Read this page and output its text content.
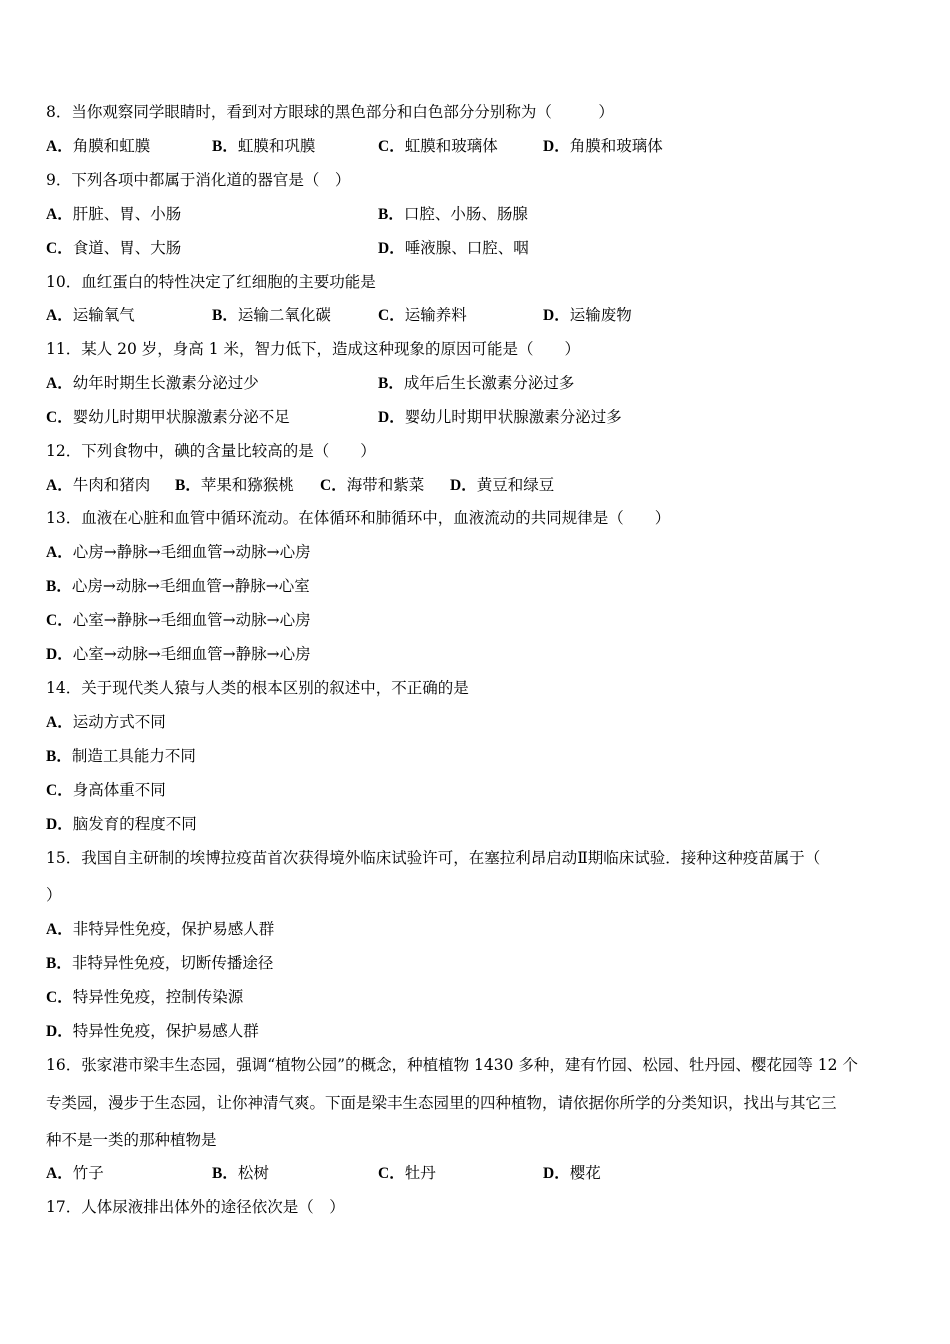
8．当你观察同学眼睛时，看到对方眼球的黑色部分和白色部分分别称为（　　　）
A．角膜和虹膜	B．虹膜和巩膜	C．虹膜和玻璃体	D．角膜和玻璃体
9．下列各项中都属于消化道的器官是（　）
A．肝脏、胃、小肠	B．口腔、小肠、肠腺
C．食道、胃、大肠	D．唾液腺、口腔、咽
10．血红蛋白的特性决定了红细胞的主要功能是
A．运输氧气	B．运输二氧化碳	C．运输养料	D．运输废物
11．某人 20 岁，身高 1 米，智力低下，造成这种现象的原因可能是（　　）
A．幼年时期生长激素分泌过少	B．成年后生长激素分泌过多
C．婴幼儿时期甲状腺激素分泌不足	D．婴幼儿时期甲状腺激素分泌过多
12．下列食物中，碘的含量比较高的是（　　）
A．牛肉和猪肉 B．苹果和猕猴桃 C．海带和紫菜 D．黄豆和绿豆
13．血液在心脏和血管中循环流动。在体循环和肺循环中，血液流动的共同规律是（　　）
A．心房→静脉→毛细血管→动脉→心房
B．心房→动脉→毛细血管→静脉→心室
C．心室→静脉→毛细血管→动脉→心房
D．心室→动脉→毛细血管→静脉→心房
14．关于现代类人猿与人类的根本区别的叙述中，不正确的是
A．运动方式不同
B．制造工具能力不同
C．身高体重不同
D．脑发育的程度不同
15．我国自主研制的埃博拉疫苗首次获得境外临床试验许可，在塞拉利昂启动Ⅱ期临床试验．接种这种疫苗属于（
）
A．非特异性免疫，保护易感人群
B．非特异性免疫，切断传播途径
C．特异性免疫，控制传染源
D．特异性免疫，保护易感人群
16．张家港市梁丰生态园，强调“植物公园”的概念，种植植物 1430 多种，建有竹园、松园、牡丹园、樱花园等 12 个
专类园，漫步于生态园，让你神清气爽。下面是梁丰生态园里的四种植物，请依据你所学的分类知识，找出与其它三
种不是一类的那种植物是
A．竹子	B．松树	C．牡丹	D．樱花
17．人体尿液排出体外的途径依次是（　）
